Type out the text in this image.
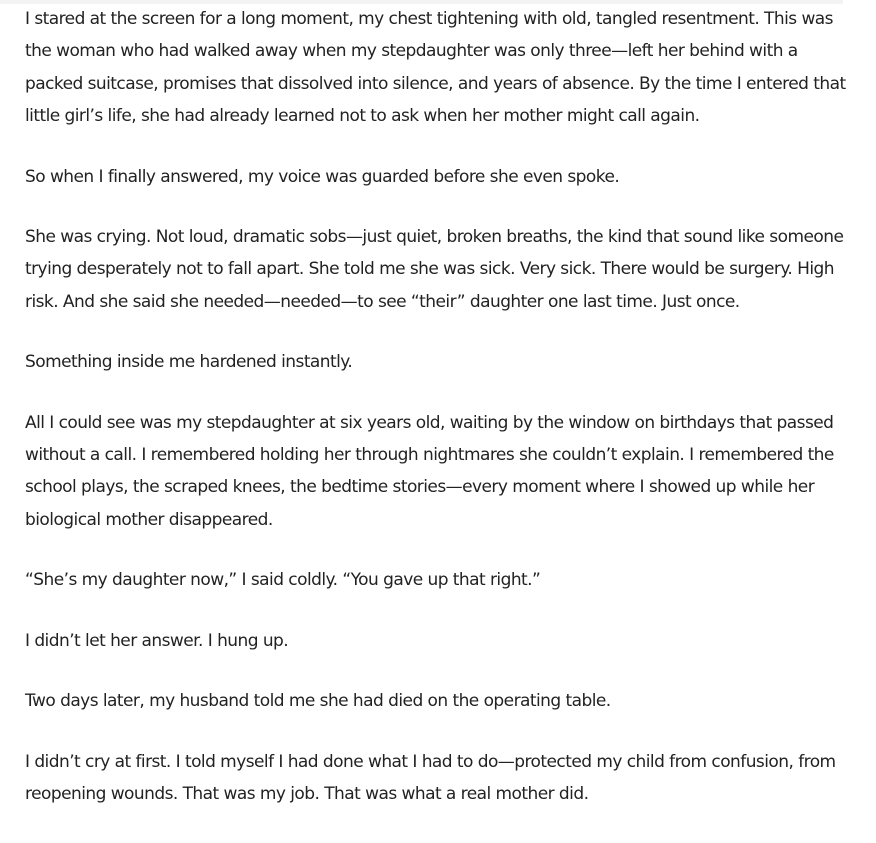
I stared at the screen for a long moment, my chest tightening with old, tangled resentment. This was the woman who had walked away when my stepdaughter was only three—left her behind with a packed suitcase, promises that dissolved into silence, and years of absence. By the time I entered that little girl’s life, she had already learned not to ask when her mother might call again.

So when I finally answered, my voice was guarded before she even spoke.

She was crying. Not loud, dramatic sobs—just quiet, broken breaths, the kind that sound like someone trying desperately not to fall apart. She told me she was sick. Very sick. There would be surgery. High risk. And she said she needed—needed—to see “their” daughter one last time. Just once.

Something inside me hardened instantly.

All I could see was my stepdaughter at six years old, waiting by the window on birthdays that passed without a call. I remembered holding her through nightmares she couldn’t explain. I remembered the school plays, the scraped knees, the bedtime stories—every moment where I showed up while her biological mother disappeared.

“She’s my daughter now,” I said coldly. “You gave up that right.”

I didn’t let her answer. I hung up.

Two days later, my husband told me she had died on the operating table.

I didn’t cry at first. I told myself I had done what I had to do—protected my child from confusion, from reopening wounds. That was my job. That was what a real mother did.
